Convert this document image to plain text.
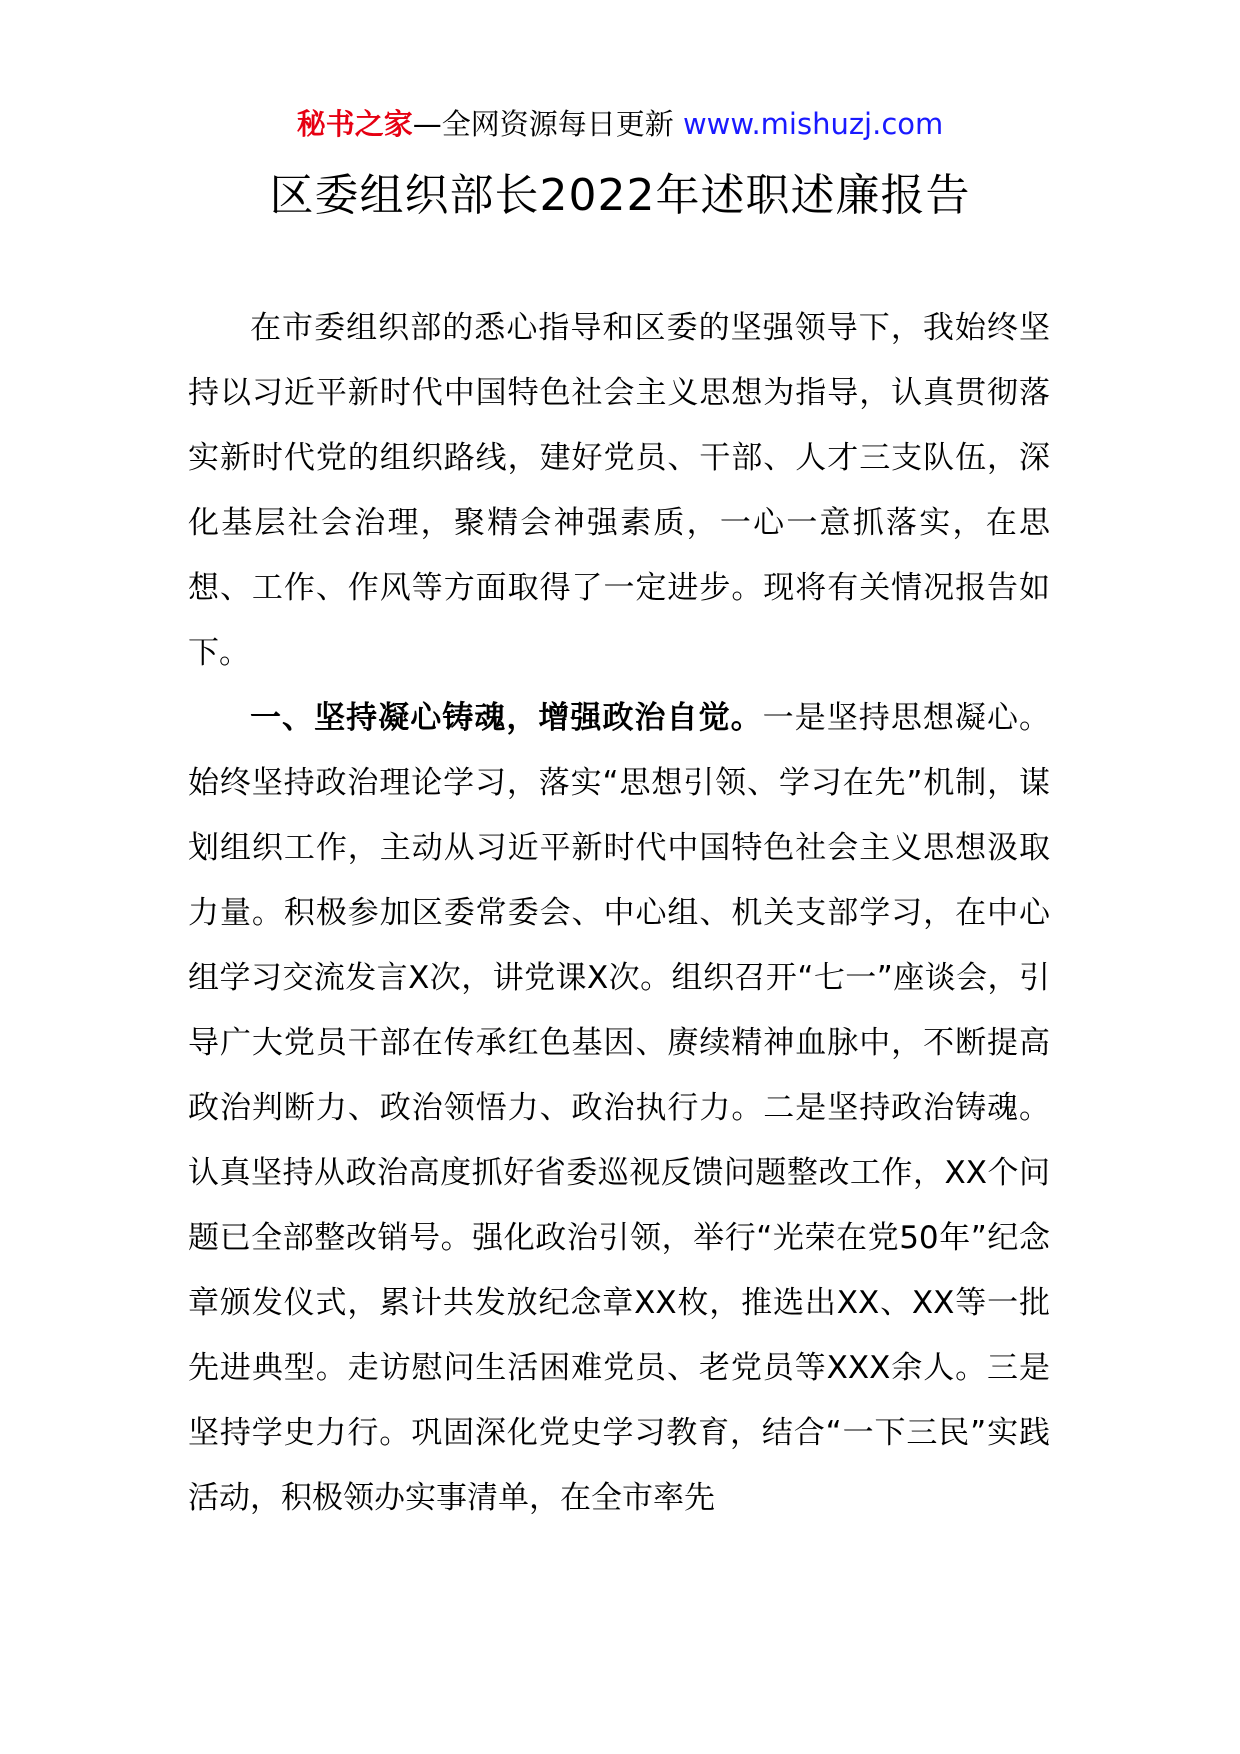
秘书之家—全网资源每日更新 www.mishuzj.com
区委组织部长2022年述职述廉报告

在市委组织部的悉心指导和区委的坚强领导下，我始终坚持以习近平新时代中国特色社会主义思想为指导，认真贯彻落实新时代党的组织路线，建好党员、干部、人才三支队伍，深化基层社会治理，聚精会神强素质，一心一意抓落实，在思想、工作、作风等方面取得了一定进步。现将有关情况报告如下。

一、坚持凝心铸魂，增强政治自觉。一是坚持思想凝心。始终坚持政治理论学习，落实“思想引领、学习在先”机制，谋划组织工作，主动从习近平新时代中国特色社会主义思想汲取力量。积极参加区委常委会、中心组、机关支部学习，在中心组学习交流发言X次，讲党课X次。组织召开“七一”座谈会，引导广大党员干部在传承红色基因、赓续精神血脉中，不断提高政治判断力、政治领悟力、政治执行力。二是坚持政治铸魂。认真坚持从政治高度抓好省委巡视反馈问题整改工作，XX个问题已全部整改销号。强化政治引领，举行“光荣在党50年”纪念章颁发仪式，累计共发放纪念章XX枚，推选出XX、XX等一批先进典型。走访慰问生活困难党员、老党员等XXX余人。三是坚持学史力行。巩固深化党史学习教育，结合“一下三民”实践活动，积极领办实事清单，在全市率先
